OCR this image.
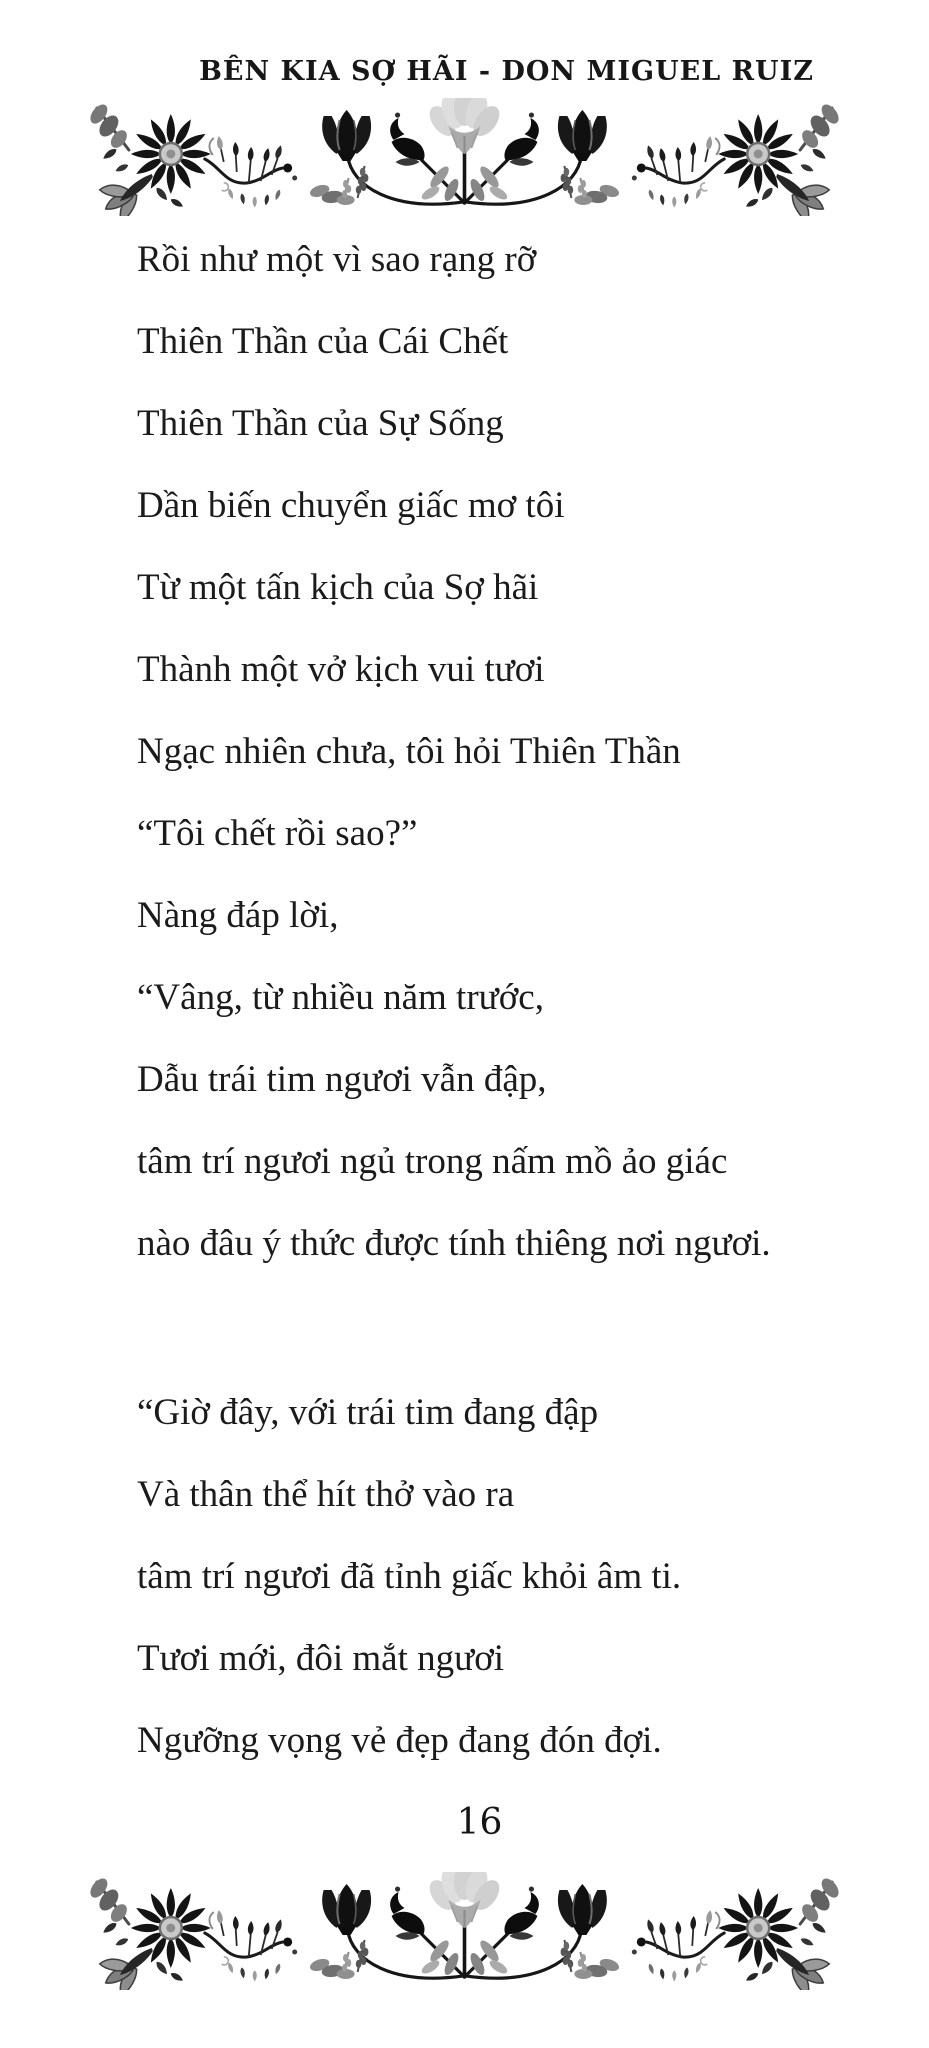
BÊN KIA SỢ HÃI - DON MIGUEL RUIZ
Rồi như một vì sao rạng rỡ
Thiên Thần của Cái Chết
Thiên Thần của Sự Sống
Dần biến chuyển giấc mơ tôi
Từ một tấn kịch của Sợ hãi
Thành một vở kịch vui tươi
Ngạc nhiên chưa, tôi hỏi Thiên Thần
“Tôi chết rồi sao?”
Nàng đáp lời,
“Vâng, từ nhiều năm trước,
Dẫu trái tim ngươi vẫn đập,
tâm trí ngươi ngủ trong nấm mồ ảo giác
nào đâu ý thức được tính thiêng nơi ngươi.
“Giờ đây, với trái tim đang đập
Và thân thể hít thở vào ra
tâm trí ngươi đã tỉnh giấc khỏi âm ti.
Tươi mới, đôi mắt ngươi
Ngưỡng vọng vẻ đẹp đang đón đợi.
16
